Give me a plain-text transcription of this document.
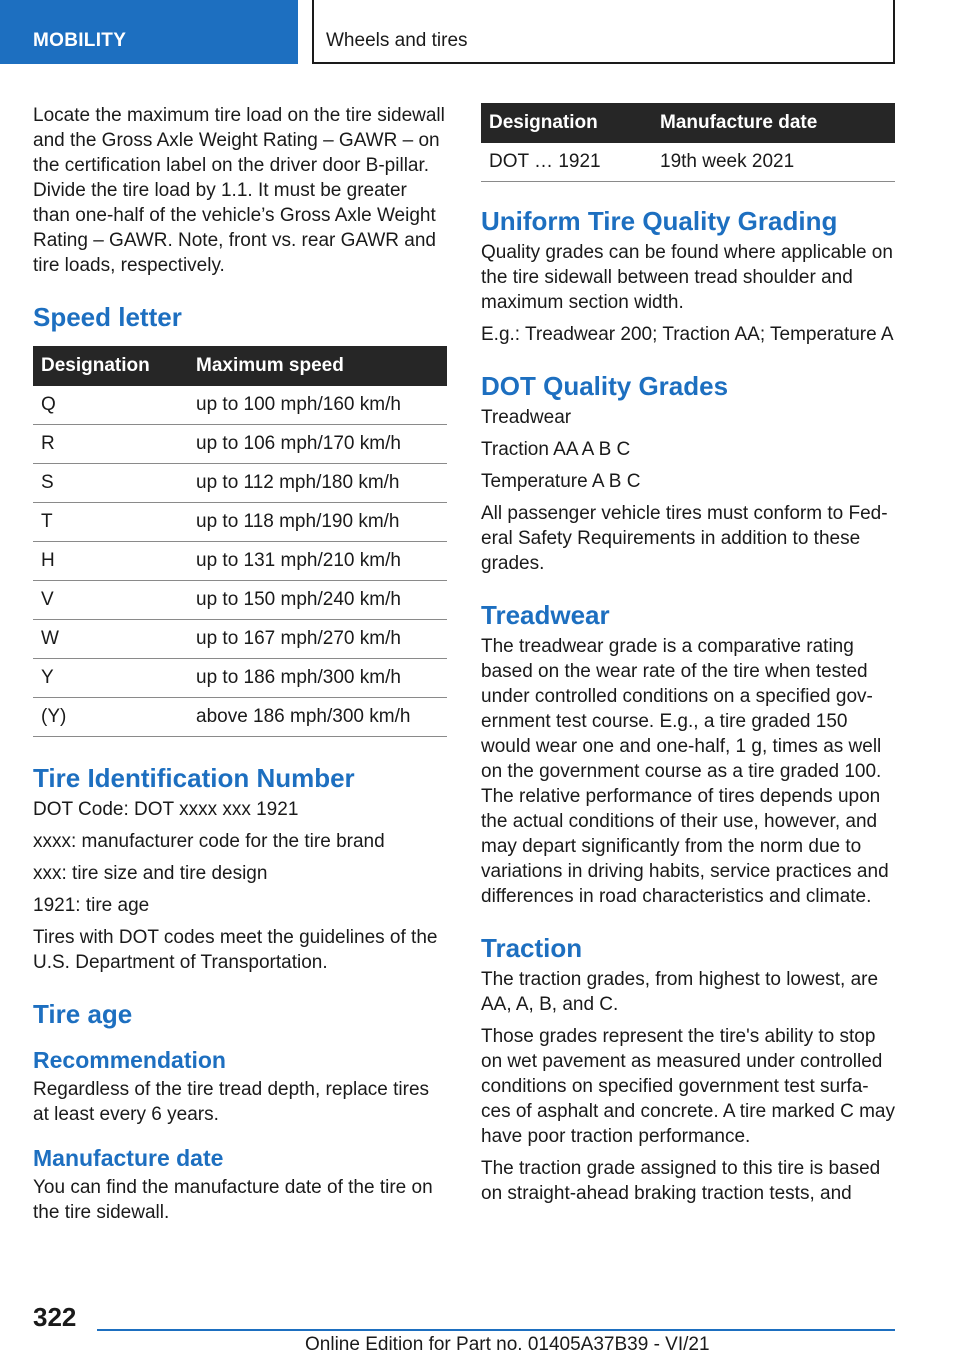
MOBILITY	Wheels and tires

Locate the maximum tire load on the tire sidewall and the Gross Axle Weight Rating – GAWR – on the certification label on the driver door B-pillar. Divide the tire load by 1.1. It must be greater than one-half of the vehicle’s Gross Axle Weight Rating – GAWR. Note, front vs. rear GAWR and tire loads, respectively.

Speed letter
Designation	Maximum speed
Q	up to 100 mph/160 km/h
R	up to 106 mph/170 km/h
S	up to 112 mph/180 km/h
T	up to 118 mph/190 km/h
H	up to 131 mph/210 km/h
V	up to 150 mph/240 km/h
W	up to 167 mph/270 km/h
Y	up to 186 mph/300 km/h
(Y)	above 186 mph/300 km/h
Tire Identification Number

DOT Code: DOT xxxx xxx 1921

xxxx: manufacturer code for the tire brand

xxx: tire size and tire design

1921: tire age

Tires with DOT codes meet the guidelines of the U.S. Department of Transportation.

Tire age
Recommendation

Regardless of the tire tread depth, replace tires at least every 6 years.

Manufacture date

You can find the manufacture date of the tire on the tire sidewall.

Designation	Manufacture date
DOT … 1921	19th week 2021
Uniform Tire Quality Grading

Quality grades can be found where applicable on the tire sidewall between tread shoulder and maximum section width.

E.g.: Treadwear 200; Traction AA; Temperature A

DOT Quality Grades

Treadwear

Traction AA A B C

Temperature A B C

All passenger vehicle tires must conform to Fed‐eral Safety Requirements in addition to these grades.

Treadwear

The treadwear grade is a comparative rating based on the wear rate of the tire when tested under controlled conditions on a specified gov‐ernment test course. E.g., a tire graded 150 would wear one and one-half, 1 g, times as well on the government course as a tire graded 100. The relative performance of tires depends upon the actual conditions of their use, however, and may depart significantly from the norm due to variations in driving habits, service practices and differences in road characteristics and climate.

Traction

The traction grades, from highest to lowest, are AA, A, B, and C.

Those grades represent the tire's ability to stop on wet pavement as measured under controlled conditions on specified government test surfa‐ces of asphalt and concrete. A tire marked C may have poor traction performance.

The traction grade assigned to this tire is based on straight-ahead braking traction tests, and

322
Online Edition for Part no. 01405A37B39 - VI/21
